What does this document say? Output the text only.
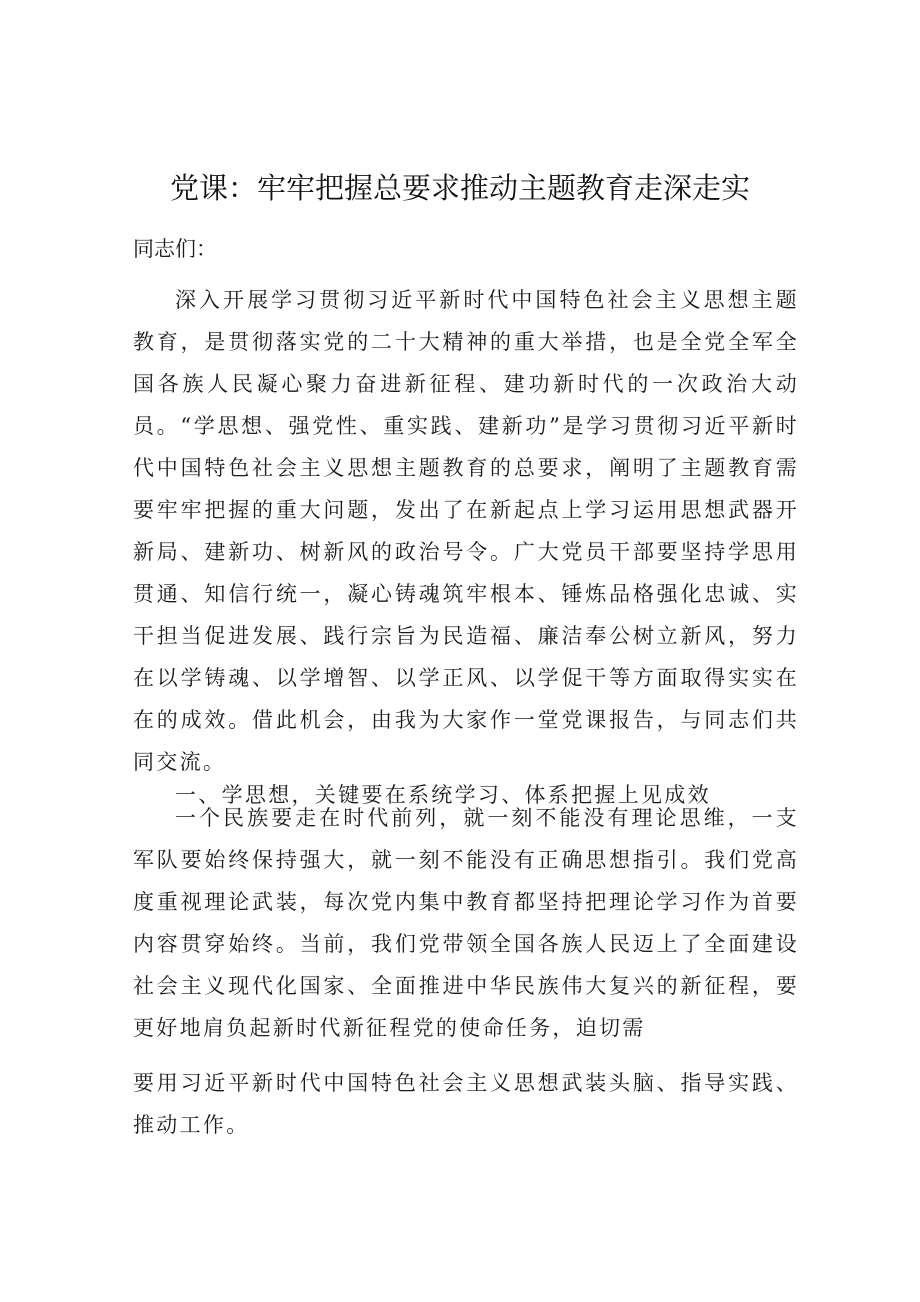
党课：牢牢把握总要求推动主题教育走深走实

同志们：

深入开展学习贯彻习近平新时代中国特色社会主义思想主题教育，是贯彻落实党的二十大精神的重大举措，也是全党全军全国各族人民凝心聚力奋进新征程、建功新时代的一次政治大动员。“学思想、强党性、重实践、建新功”是学习贯彻习近平新时代中国特色社会主义思想主题教育的总要求，阐明了主题教育需要牢牢把握的重大问题，发出了在新起点上学习运用思想武器开新局、建新功、树新风的政治号令。广大党员干部要坚持学思用贯通、知信行统一，凝心铸魂筑牢根本、锤炼品格强化忠诚、实干担当促进发展、践行宗旨为民造福、廉洁奉公树立新风，努力在以学铸魂、以学增智、以学正风、以学促干等方面取得实实在在的成效。借此机会，由我为大家作一堂党课报告，与同志们共同交流。

一、学思想，关键要在系统学习、体系把握上见成效

一个民族要走在时代前列，就一刻不能没有理论思维，一支军队要始终保持强大，就一刻不能没有正确思想指引。我们党高度重视理论武装，每次党内集中教育都坚持把理论学习作为首要内容贯穿始终。当前，我们党带领全国各族人民迈上了全面建设社会主义现代化国家、全面推进中华民族伟大复兴的新征程，要更好地肩负起新时代新征程党的使命任务，迫切需

要用习近平新时代中国特色社会主义思想武装头脑、指导实践、推动工作。
